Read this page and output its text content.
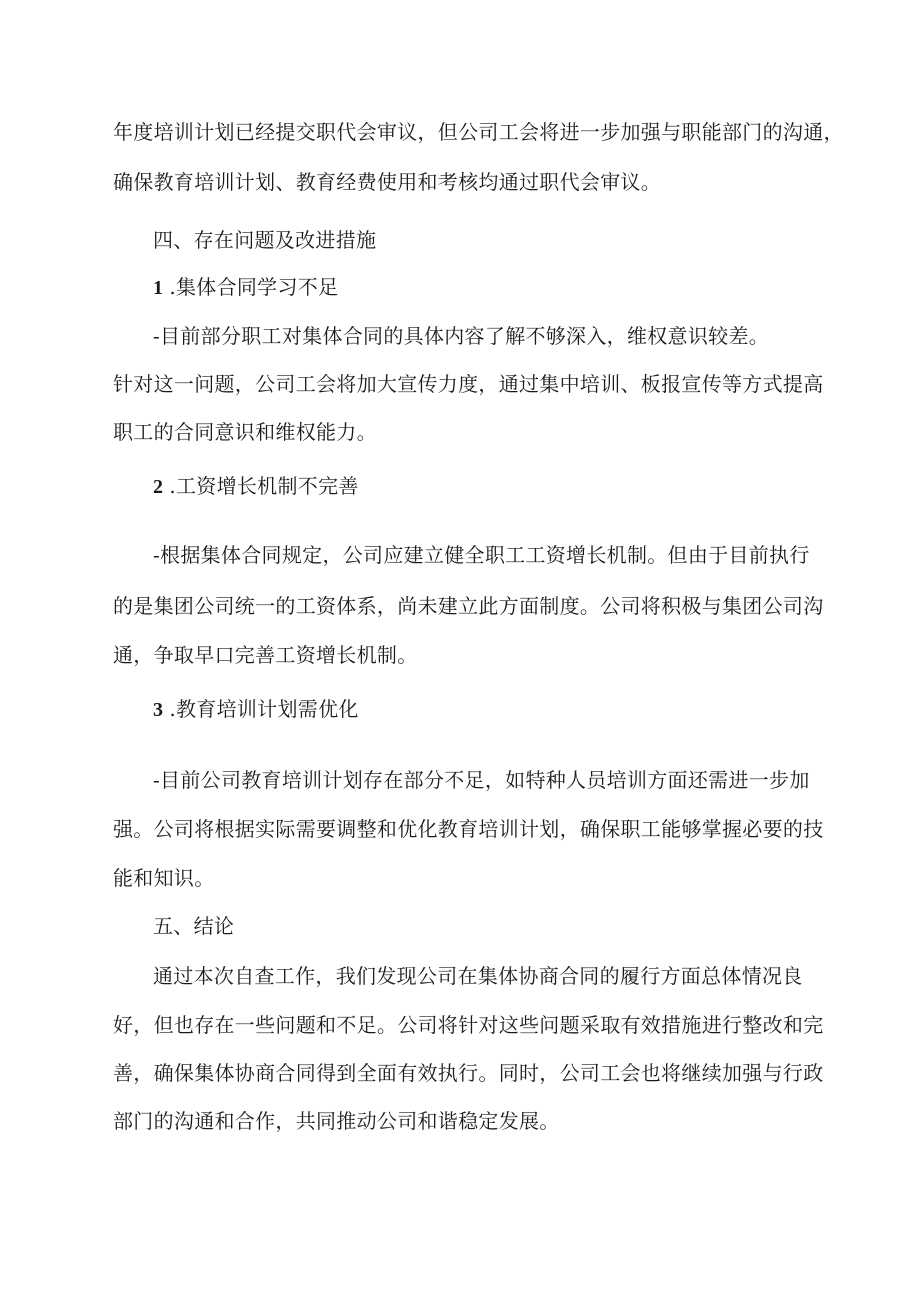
年度培训计划已经提交职代会审议，但公司工会将进一步加强与职能部门的沟通，
确保教育培训计划、教育经费使用和考核均通过职代会审议。
四、存在问题及改进措施
1 .集体合同学习不足
-目前部分职工对集体合同的具体内容了解不够深入，维权意识较差。
针对这一问题，公司工会将加大宣传力度，通过集中培训、板报宣传等方式提高
职工的合同意识和维权能力。
2 .工资增长机制不完善
-根据集体合同规定，公司应建立健全职工工资增长机制。但由于目前执行
的是集团公司统一的工资体系，尚未建立此方面制度。公司将积极与集团公司沟
通，争取早口完善工资增长机制。
3 .教育培训计划需优化
-目前公司教育培训计划存在部分不足，如特种人员培训方面还需进一步加
强。公司将根据实际需要调整和优化教育培训计划，确保职工能够掌握必要的技
能和知识。
五、结论
通过本次自查工作，我们发现公司在集体协商合同的履行方面总体情况良
好，但也存在一些问题和不足。公司将针对这些问题采取有效措施进行整改和完
善，确保集体协商合同得到全面有效执行。同时，公司工会也将继续加强与行政
部门的沟通和合作，共同推动公司和谐稳定发展。
